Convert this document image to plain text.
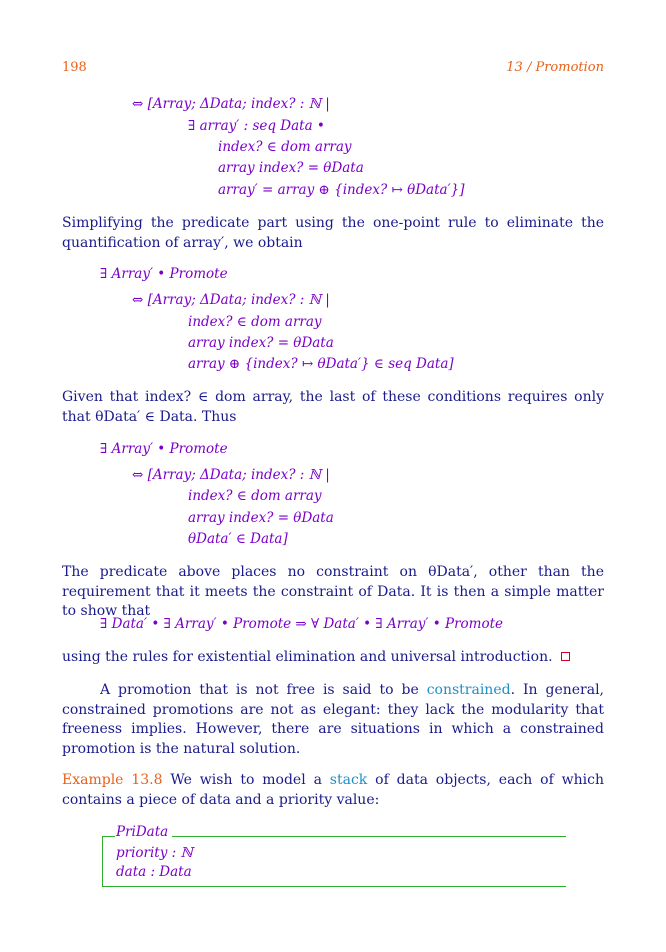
198	13 / Promotion
⇔ [Array; ΔData; index? : ℕ |
∃ array′ : seq Data •
index? ∈ dom array
array index? = θData
array′ = array ⊕ {index? ↦ θData′}]
Simplifying the predicate part using the one-point rule to eliminate the quantification of array′, we obtain
∃ Array′ • Promote
⇔ [Array; ΔData; index? : ℕ |
index? ∈ dom array
array index? = θData
array ⊕ {index? ↦ θData′} ∈ seq Data]
Given that index? ∈ dom array, the last of these conditions requires only that θData′ ∈ Data. Thus
∃ Array′ • Promote
⇔ [Array; ΔData; index? : ℕ |
index? ∈ dom array
array index? = θData
θData′ ∈ Data]
The predicate above places no constraint on θData′, other than the requirement that it meets the constraint of Data. It is then a simple matter to show that
∃ Data′ • ∃ Array′ • Promote ⇒ ∀ Data′ • ∃ Array′ • Promote
using the rules for existential elimination and universal introduction.
A promotion that is not free is said to be constrained. In general, constrained promotions are not as elegant: they lack the modularity that freeness implies. However, there are situations in which a constrained promotion is the natural solution.
Example 13.8 We wish to model a stack of data objects, each of which contains a piece of data and a priority value:
PriData
priority : ℕ
data : Data
